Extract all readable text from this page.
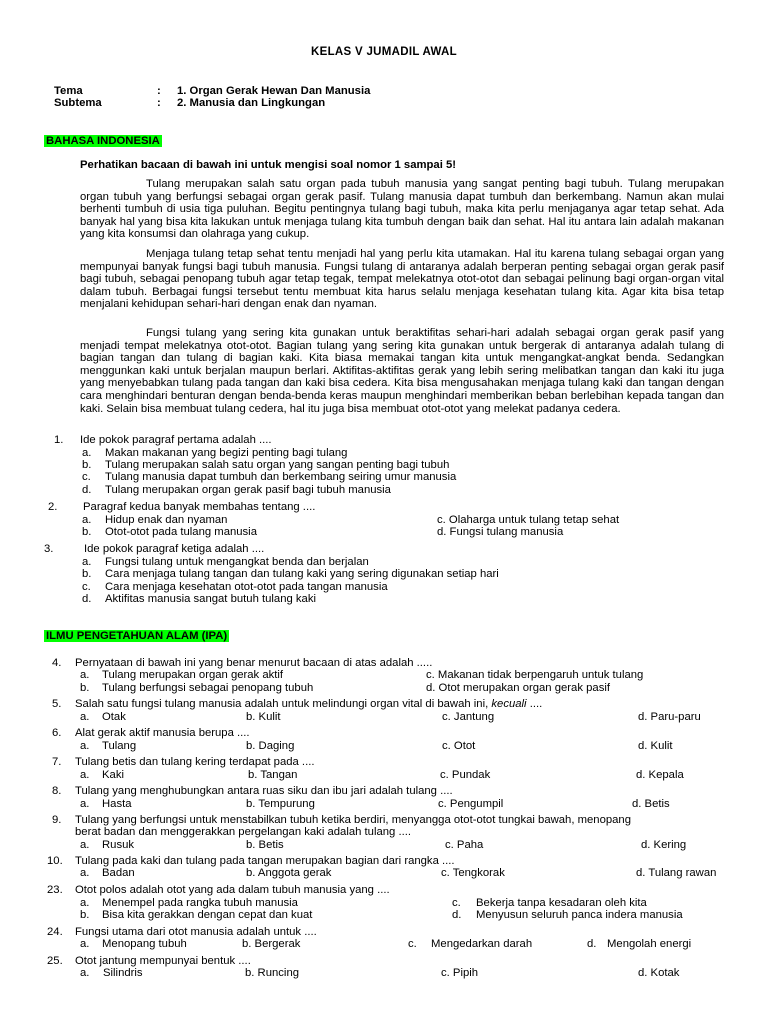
KELAS V JUMADIL AWAL
Tema	: 1. Organ Gerak Hewan Dan Manusia
Subtema	: 2. Manusia dan Lingkungan
BAHASA INDONESIA
Perhatikan bacaan di bawah ini untuk mengisi soal nomor 1 sampai 5!
Tulang merupakan salah satu organ pada tubuh manusia yang sangat penting bagi tubuh. Tulang merupakan organ tubuh yang berfungsi sebagai organ gerak pasif. Tulang manusia dapat tumbuh dan berkembang. Namun akan mulai berhenti tumbuh di usia tiga puluhan. Begitu pentingnya tulang bagi tubuh, maka kita perlu menjaganya agar tetap sehat. Ada banyak hal yang bisa kita lakukan untuk menjaga tulang kita tumbuh dengan baik dan sehat. Hal itu antara lain adalah makanan yang kita konsumsi dan olahraga yang cukup.
Menjaga tulang tetap sehat tentu menjadi hal yang perlu kita utamakan. Hal itu karena tulang sebagai organ yang mempunyai banyak fungsi bagi tubuh manusia. Fungsi tulang di antaranya adalah berperan penting sebagai organ gerak pasif bagi tubuh, sebagai penopang tubuh agar tetap tegak, tempat melekatnya otot-otot dan sebagai pelinung bagi organ-organ vital dalam tubuh. Berbagai fungsi tersebut tentu membuat kita harus selalu menjaga kesehatan tulang kita. Agar kita bisa tetap menjalani kehidupan sehari-hari dengan enak dan nyaman.
Fungsi tulang yang sering kita gunakan untuk beraktifitas sehari-hari adalah sebagai organ gerak pasif yang menjadi tempat melekatnya otot-otot. Bagian tulang yang sering kita gunakan untuk bergerak di antaranya adalah tulang di bagian tangan dan tulang di bagian kaki. Kita biasa memakai tangan kita untuk mengangkat-angkat benda. Sedangkan menggunkan kaki untuk berjalan maupun berlari. Aktifitas-aktifitas gerak yang lebih sering melibatkan tangan dan kaki itu juga yang menyebabkan tulang pada tangan dan kaki bisa cedera. Kita bisa mengusahakan menjaga tulang kaki dan tangan dengan cara menghindari benturan dengan benda-benda keras maupun menghindari memberikan beban berlebihan kepada tangan dan kaki. Selain bisa membuat tulang cedera, hal itu juga bisa membuat otot-otot yang melekat padanya cedera.
1. Ide pokok paragraf pertama adalah ....
a. Makan makanan yang begizi penting bagi tulang
b. Tulang merupakan salah satu organ yang sangan penting bagi tubuh
c. Tulang manusia dapat tumbuh dan berkembang seiring umur manusia
d. Tulang merupakan organ gerak pasif bagi tubuh manusia
2. Paragraf kedua banyak membahas tentang ....
a. Hidup enak dan nyaman	c. Olaharga untuk tulang tetap sehat
b. Otot-otot pada tulang manusia	d. Fungsi tulang manusia
3.	Ide pokok paragraf ketiga adalah ....
a. Fungsi tulang untuk mengangkat benda dan berjalan
b. Cara menjaga tulang tangan dan tulang kaki yang sering digunakan setiap hari
c. Cara menjaga kesehatan otot-otot pada tangan manusia
d. Aktifitas manusia sangat butuh tulang kaki
ILMU PENGETAHUAN ALAM (IPA)
4. Pernyataan di bawah ini yang benar menurut bacaan di atas adalah .....
a. Tulang merupakan organ gerak aktif	c. Makanan tidak berpengaruh untuk tulang
b. Tulang berfungsi sebagai penopang tubuh	d. Otot merupakan organ gerak pasif
5. Salah satu fungsi tulang manusia adalah untuk melindungi organ vital di bawah ini, kecuali ....
a. Otak	b. Kulit	c. Jantung	d. Paru-paru
6. Alat gerak aktif manusia berupa ....
a. Tulang	b. Daging	c. Otot	d. Kulit
7. Tulang betis dan tulang kering terdapat pada ....
a. Kaki	b. Tangan	c. Pundak	d. Kepala
8. Tulang yang menghubungkan antara ruas siku dan ibu jari adalah tulang ....
a. Hasta	b. Tempurung	c. Pengumpil	d. Betis
9. Tulang yang berfungsi untuk menstabilkan tubuh ketika berdiri, menyangga otot-otot tungkai bawah, menopang
berat badan dan menggerakkan pergelangan kaki adalah tulang ....
a. Rusuk	b. Betis	c. Paha	d. Kering
10. Tulang pada kaki dan tulang pada tangan merupakan bagian dari rangka ....
a. Badan	b. Anggota gerak	c. Tengkorak	d. Tulang rawan
23. Otot polos adalah otot yang ada dalam tubuh manusia yang ....
a. Menempel pada rangka tubuh manusia	c. Bekerja tanpa kesadaran oleh kita
b. Bisa kita gerakkan dengan cepat dan kuat	d. Menyusun seluruh panca indera manusia
24. Fungsi utama dari otot manusia adalah untuk ....
a. Menopang tubuh	b. Bergerak	c. Mengedarkan darah	d. Mengolah energi
25. Otot jantung mempunyai bentuk ....
a. Silindris	b. Runcing	c. Pipih	d. Kotak
